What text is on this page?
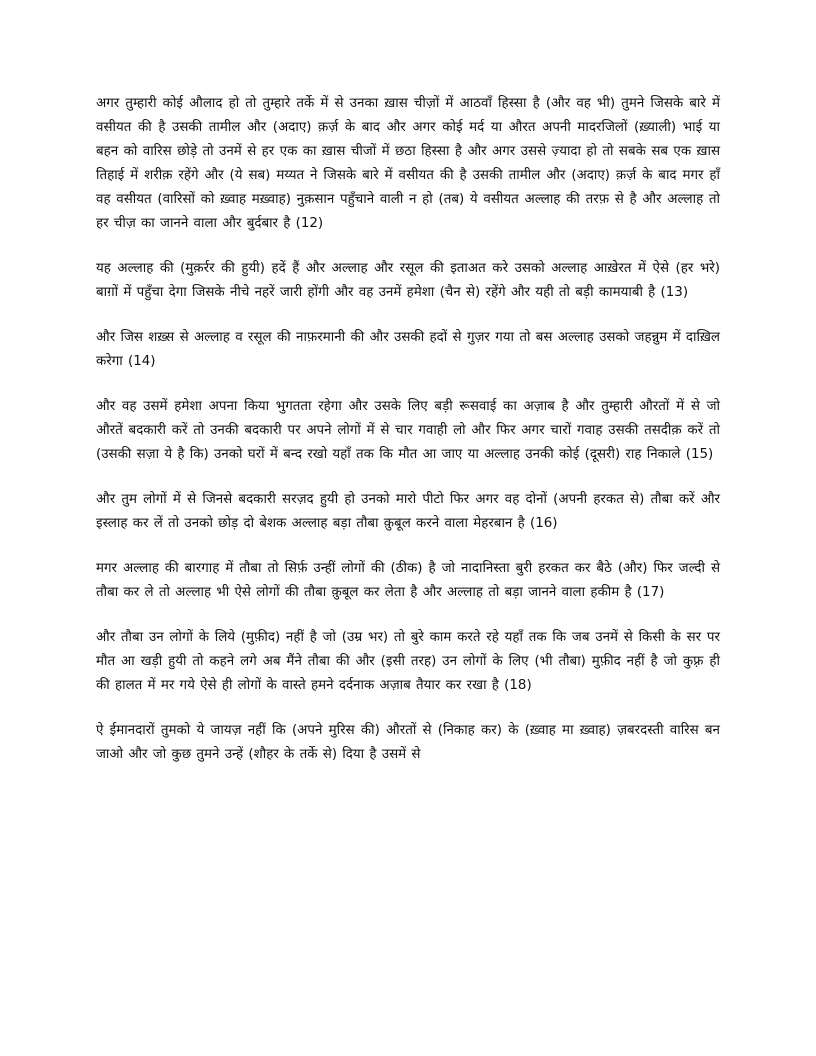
अगर तुम्हारी कोई औलाद हो तो तुम्हारे तर्के में से उनका ख़ास चीज़ों में आठवाँ हिस्सा है (और वह भी) तुमने जिसके बारे में वसीयत की है उसकी तामील और (अदाए) क़र्ज़ के बाद और अगर कोई मर्द या औरत अपनी मादरजिलों (ख़्याली) भाई या बहन को वारिस छोड़े तो उनमें से हर एक का ख़ास चीजों में छठा हिस्सा है और अगर उससे ज़्यादा हो तो सबके सब एक ख़ास तिहाई में शरीक़ रहेंगे और (ये सब) मय्यत ने जिसके बारे में वसीयत की है उसकी तामील और (अदाए) क़र्ज़ के बाद मगर हाँ वह वसीयत (वारिसों को ख़्वाह मख़्वाह) नुक़सान पहुँचाने वाली न हो (तब) ये वसीयत अल्लाह की तरफ़ से है और अल्लाह तो हर चीज़ का जानने वाला और बुर्दबार है (12)

यह अल्लाह की (मुक़र्रर की हुयी) हदें हैं और अल्लाह और रसूल की इताअत करे उसको अल्लाह आख़ेरत में ऐसे (हर भरे) बाग़ों में पहुँचा देगा जिसके नीचे नहरें जारी होंगी और वह उनमें हमेशा (चैन से) रहेंगे और यही तो बड़ी कामयाबी है (13)

और जिस शख़्स से अल्लाह व रसूल की नाफ़रमानी की और उसकी हदों से गुज़र गया तो बस अल्लाह उसको जहन्नुम में दाख़िल करेगा (14)

और वह उसमें हमेशा अपना किया भुगतता रहेगा और उसके लिए बड़ी रूसवाई का अज़ाब है और तुम्हारी औरतों में से जो औरतें बदकारी करें तो उनकी बदकारी पर अपने लोगों में से चार गवाही लो और फिर अगर चारों गवाह उसकी तसदीक़ करें तो (उसकी सज़ा ये है कि) उनको घरों में बन्द रखो यहाँ तक कि मौत आ जाए या अल्लाह उनकी कोई (दूसरी) राह निकाले (15)

और तुम लोगों में से जिनसे बदकारी सरज़द हुयी हो उनको मारो पीटो फिर अगर वह दोनों (अपनी हरकत से) तौबा करें और इस्लाह कर लें तो उनको छोड़ दो बेशक अल्लाह बड़ा तौबा क़ुबूल करने वाला मेहरबान है (16)

मगर अल्लाह की बारगाह में तौबा तो सिर्फ़ उन्हीं लोगों की (ठीक) है जो नादानिस्ता बुरी हरकत कर बैठे (और) फिर जल्दी से तौबा कर ले तो अल्लाह भी ऐसे लोगों की तौबा क़ुबूल कर लेता है और अल्लाह तो बड़ा जानने वाला हकीम है (17)

और तौबा उन लोगों के लिये (मुफ़ीद) नहीं है जो (उम्र भर) तो बुरे काम करते रहे यहाँ तक कि जब उनमें से किसी के सर पर मौत आ खड़ी हुयी तो कहने लगे अब मैंने तौबा की और (इसी तरह) उन लोगों के लिए (भी तौबा) मुफ़ीद नहीं है जो कुफ़्र ही की हालत में मर गये ऐसे ही लोगों के वास्ते हमने दर्दनाक अज़ाब तैयार कर रखा है (18)

ऐ ईमानदारों तुमको ये जायज़ नहीं कि (अपने मुरिस की) औरतों से (निकाह कर) के (ख़्वाह मा ख़्वाह) ज़बरदस्ती वारिस बन जाओ और जो कुछ तुमने उन्हें (शौहर के तर्के से) दिया है उसमें से
